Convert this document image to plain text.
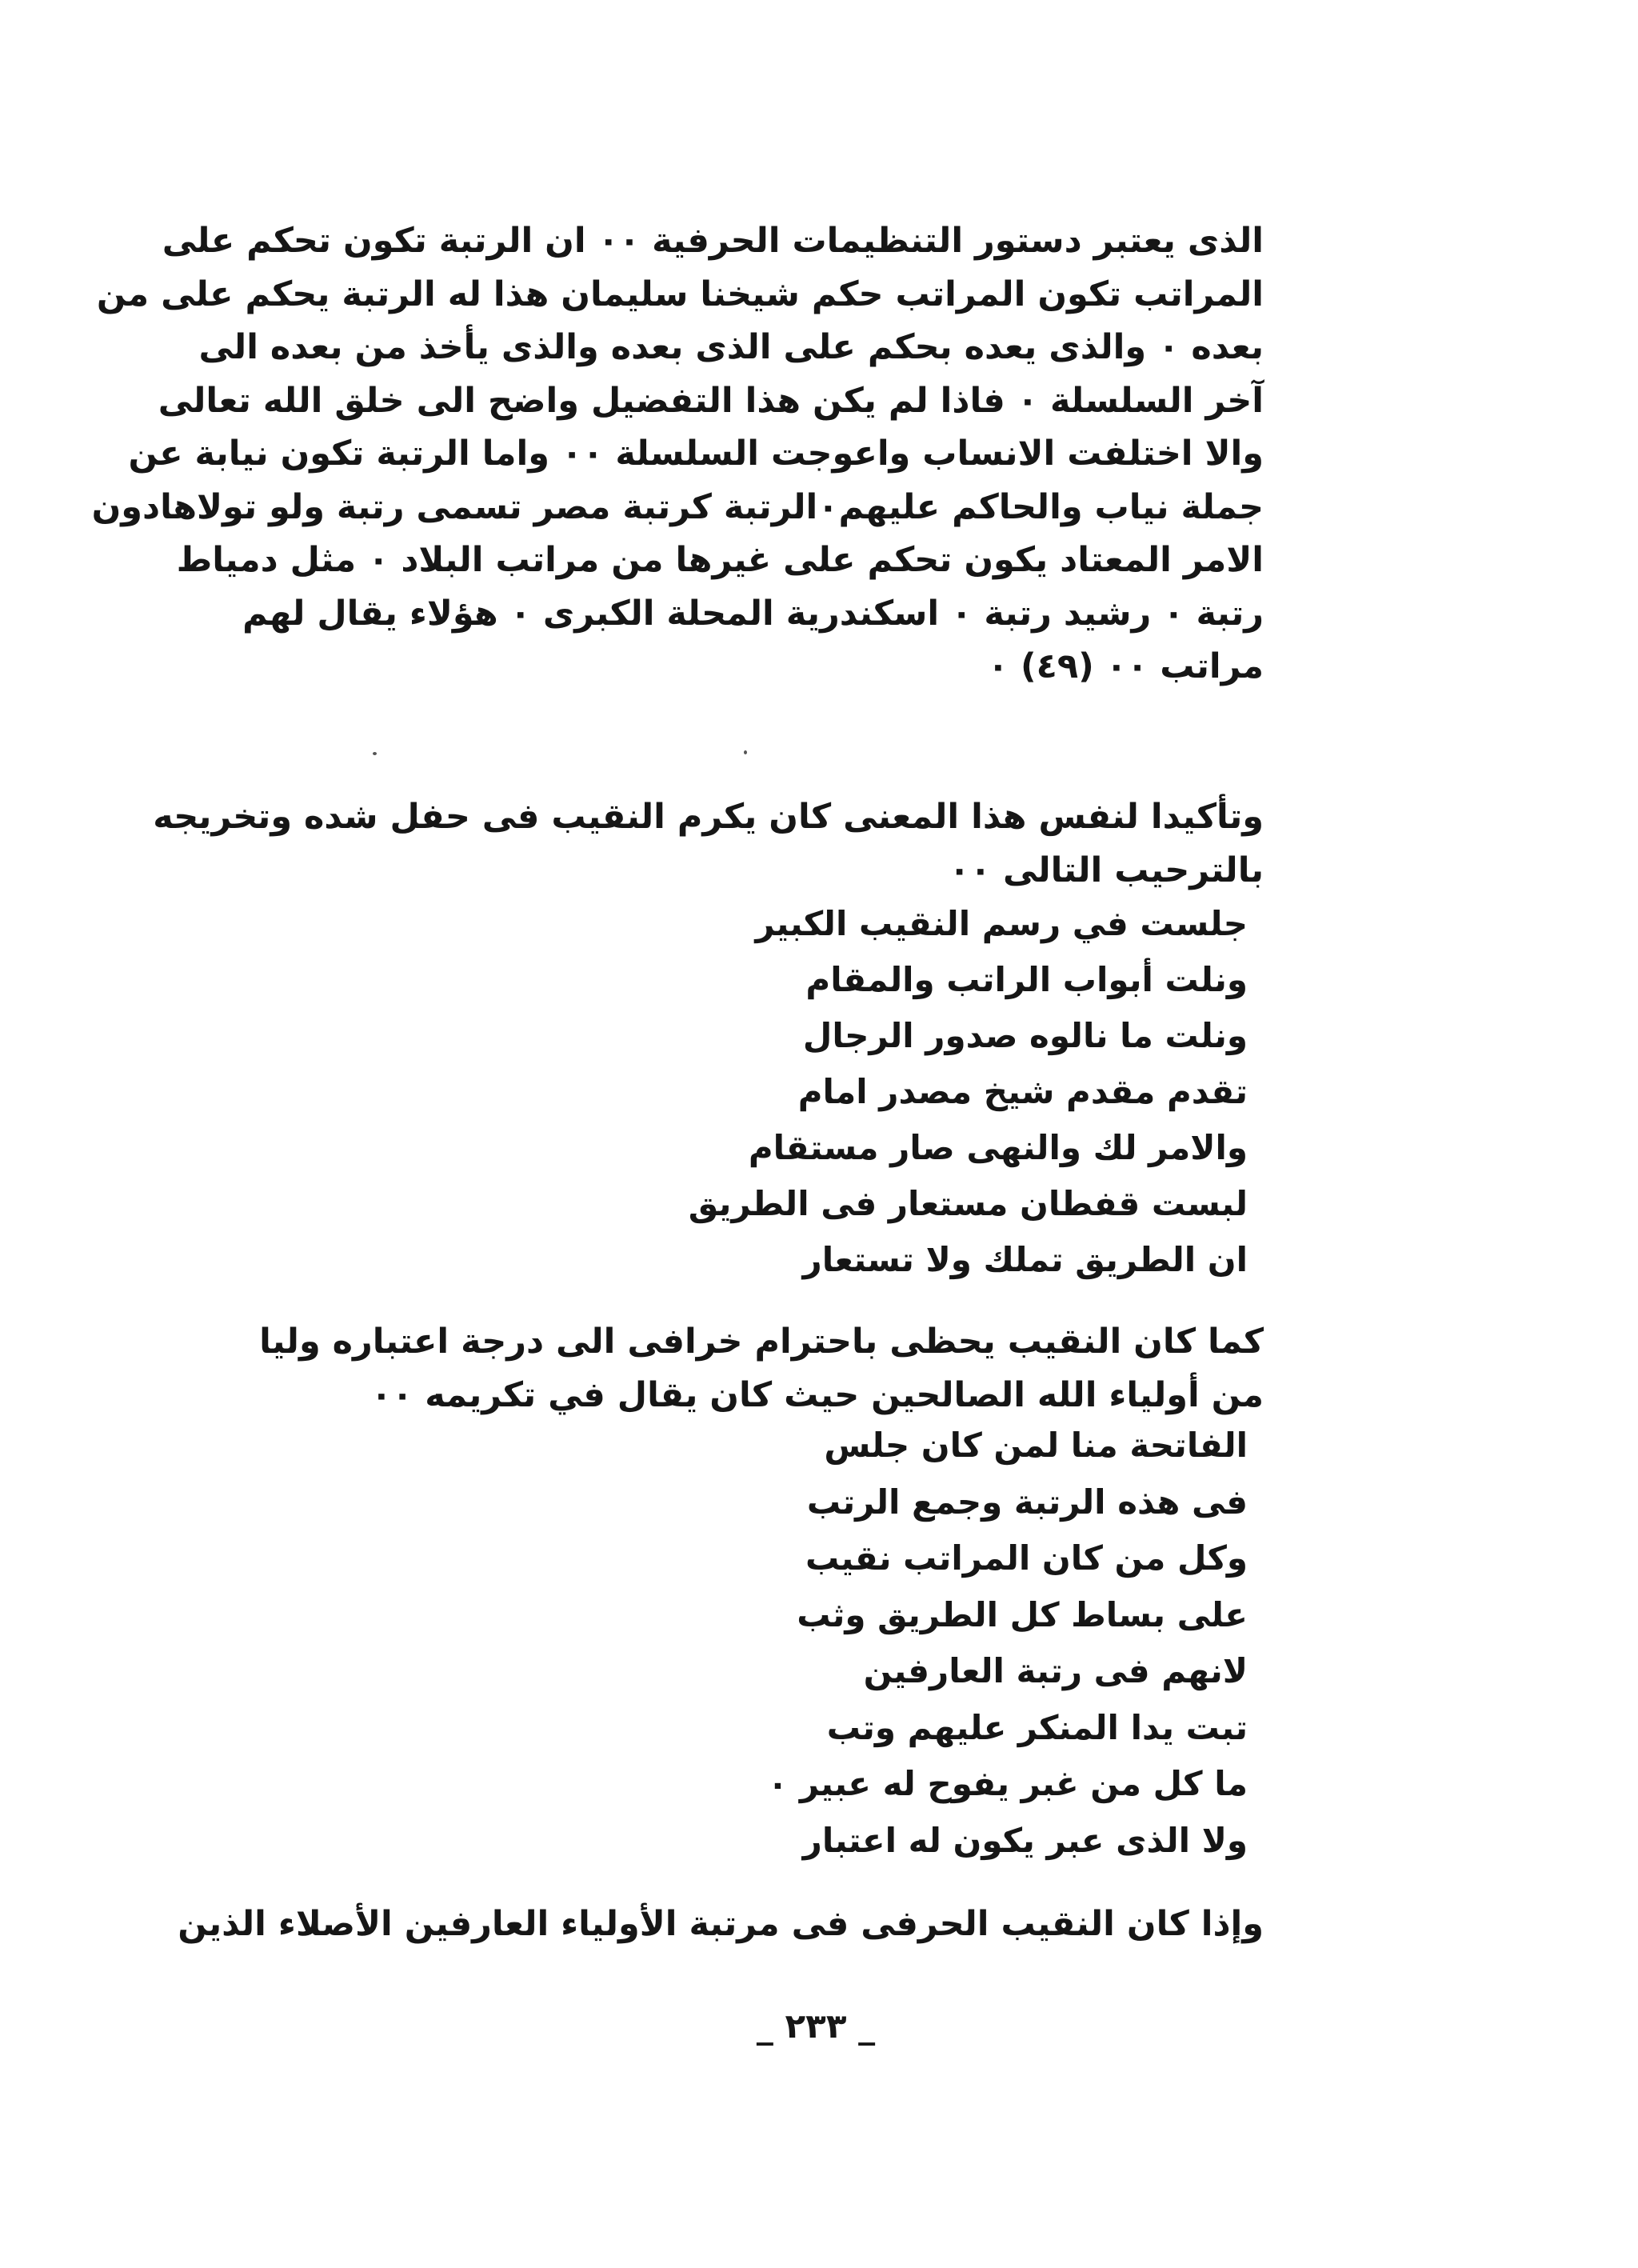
الذى يعتبر دستور التنظيمات الحرفية ٠٠ ان الرتبة تكون تحكم على
المراتب تكون المراتب حكم شيخنا سليمان هذا له الرتبة يحكم على من
بعده ٠ والذى يعده بحكم على الذى بعده والذى يأخذ من بعده الى
آخر السلسلة ٠ فاذا لم يكن هذا التفضيل واضح الى خلق الله تعالى
والا اختلفت الانساب واعوجت السلسلة ٠٠ واما الرتبة تكون نيابة عن
جملة نياب والحاكم عليهم٠الرتبة كرتبة مصر تسمى رتبة ولو تولاهادون
الامر المعتاد يكون تحكم على غيرها من مراتب البلاد ٠ مثل دمياط
رتبة ٠ رشيد رتبة ٠ اسكندرية المحلة الكبرى ٠ هؤلاء يقال لهم
مراتب ٠٠ (٤٩) ٠
وتأكيدا لنفس هذا المعنى كان يكرم النقيب فى حفل شده وتخريجه
بالترحيب التالى ٠٠
جلست في رسم النقيب الكبير
ونلت أبواب الراتب والمقام
ونلت ما نالوه صدور الرجال
تقدم مقدم شيخ مصدر امام
والامر لك والنهى صار مستقام
لبست قفطان مستعار فى الطريق
ان الطريق تملك ولا تستعار
كما كان النقيب يحظى باحترام خرافى الى درجة اعتباره وليا
من أولياء الله الصالحين حيث كان يقال في تكريمه ٠٠
الفاتحة منا لمن كان جلس
فى هذه الرتبة وجمع الرتب
وكل من كان المراتب نقيب
على بساط كل الطريق وثب
لانهم فى رتبة العارفين
تبت يدا المنكر عليهم وتب
ما كل من غبر يفوح له عبير ٠
ولا الذى عبر يكون له اعتبار
وإذا كان النقيب الحرفى فى مرتبة الأولياء العارفين الأصلاء الذين
_ ٢٣٣ _
